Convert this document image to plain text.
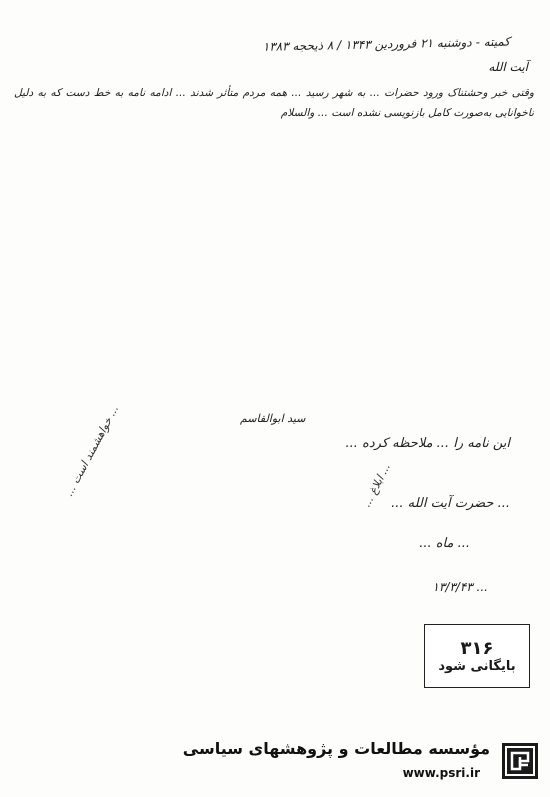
کمیته - دوشنبه ۲۱ فروردین ۱۳۴۳ / ۸ ذیحجه ۱۳۸۳
آیت الله
وقتی خبر وحشتناک ورود حضرات ... به شهر رسید ... همه مردم متأثر شدند ... ادامه نامه به خط دست که به دلیل ناخوانایی به‌صورت کامل بازنویسی نشده است ... والسلام
سید ابوالقاسم
این نامه را ... ملاحظه کرده ...
... حضرت آیت الله ...
... ماه ...
... ۱۳/۳/۴۳
... خواهشمند است ...	... ابلاغ ...
۳۱۶
بایگانی شود
مؤسسه مطالعات و پژوهشهای سیاسی
www.psri.ir
